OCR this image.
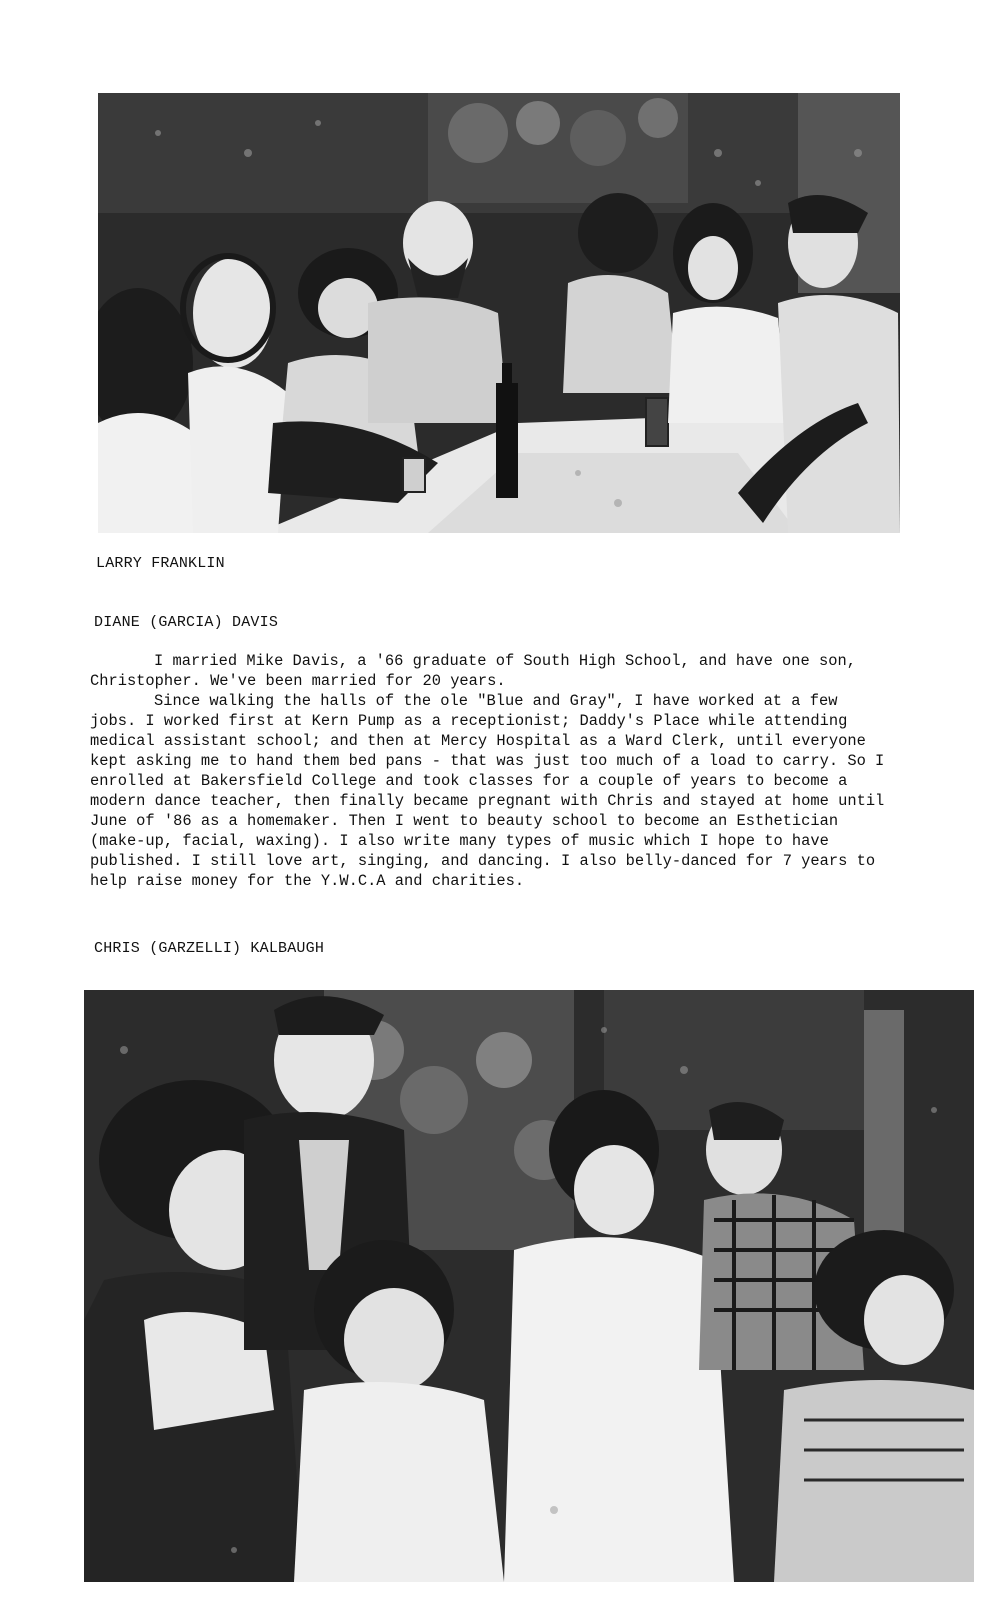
LARRY FRANKLIN
DIANE (GARCIA) DAVIS

I married Mike Davis, a '66 graduate of South High School, and have one son, Christopher. We've been married for 20 years.

Since walking the halls of the ole "Blue and Gray", I have worked at a few jobs. I worked first at Kern Pump as a receptionist; Daddy's Place while attending medical assistant school; and then at Mercy Hospital as a Ward Clerk, until everyone kept asking me to hand them bed pans - that was just too much of a load to carry. So I enrolled at Bakersfield College and took classes for a couple of years to become a modern dance teacher, then finally became pregnant with Chris and stayed at home until June of '86 as a homemaker. Then I went to beauty school to become an Esthetician (make-up, facial, waxing). I also write many types of music which I hope to have published. I still love art, singing, and dancing. I also belly-danced for 7 years to help raise money for the Y.W.C.A and charities.

CHRIS (GARZELLI) KALBAUGH
